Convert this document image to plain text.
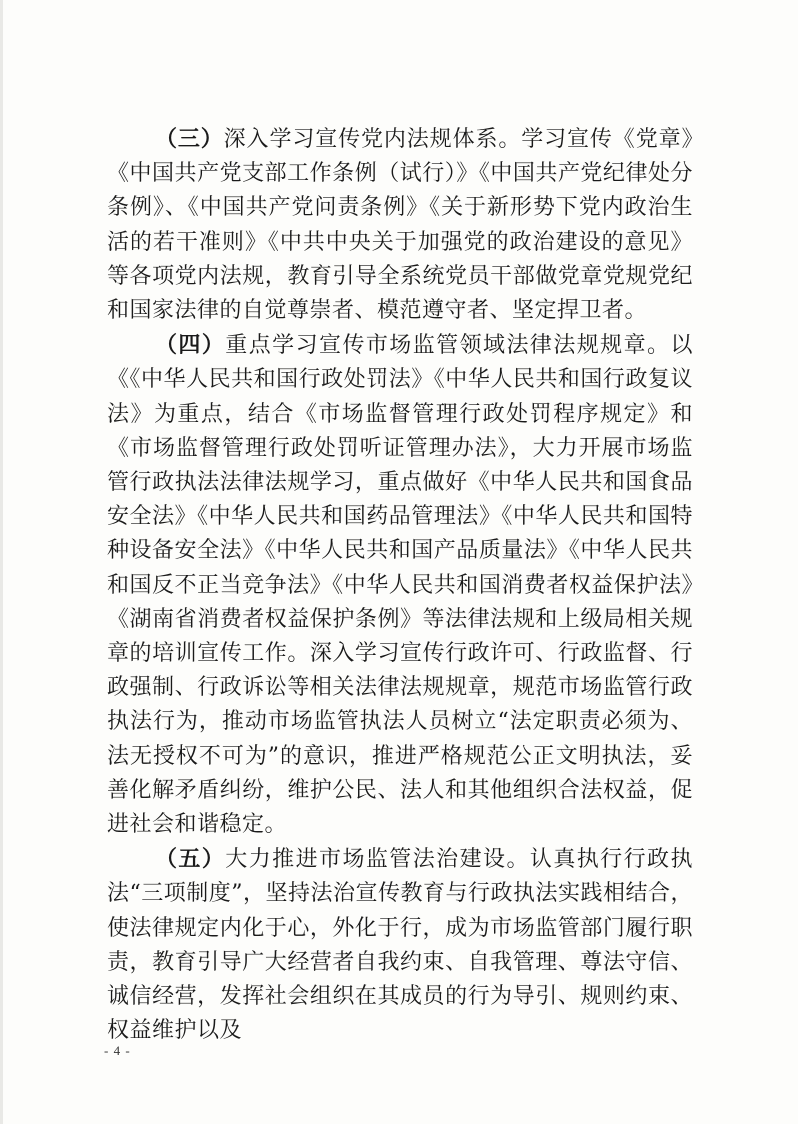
（三）深入学习宣传党内法规体系。学习宣传《党章》《中国共产党支部工作条例（试行）》《中国共产党纪律处分条例》、《中国共产党问责条例》《关于新形势下党内政治生活的若干准则》《中共中央关于加强党的政治建设的意见》等各项党内法规，教育引导全系统党员干部做党章党规党纪和国家法律的自觉尊崇者、模范遵守者、坚定捍卫者。

（四）重点学习宣传市场监管领域法律法规规章。以《《中华人民共和国行政处罚法》《中华人民共和国行政复议法》为重点，结合《市场监督管理行政处罚程序规定》和《市场监督管理行政处罚听证管理办法》，大力开展市场监管行政执法法律法规学习，重点做好《中华人民共和国食品安全法》《中华人民共和国药品管理法》《中华人民共和国特种设备安全法》《中华人民共和国产品质量法》《中华人民共和国反不正当竞争法》《中华人民共和国消费者权益保护法》《湖南省消费者权益保护条例》等法律法规和上级局相关规章的培训宣传工作。深入学习宣传行政许可、行政监督、行政强制、行政诉讼等相关法律法规规章，规范市场监管行政执法行为，推动市场监管执法人员树立“法定职责必须为、法无授权不可为”的意识，推进严格规范公正文明执法，妥善化解矛盾纠纷，维护公民、法人和其他组织合法权益，促进社会和谐稳定。

（五）大力推进市场监管法治建设。认真执行行政执法“三项制度”，坚持法治宣传教育与行政执法实践相结合，使法律规定内化于心，外化于行，成为市场监管部门履行职责，教育引导广大经营者自我约束、自我管理、尊法守信、诚信经营，发挥社会组织在其成员的行为导引、规则约束、权益维护以及

- 4 -
